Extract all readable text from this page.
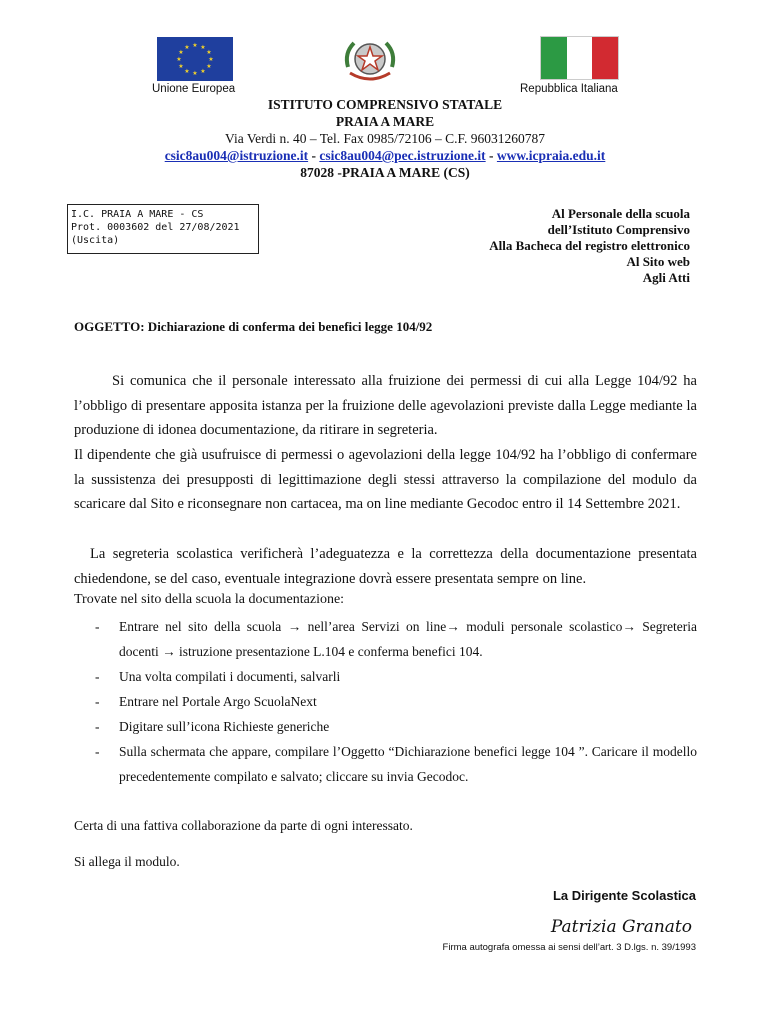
★ ★
★
★
★
★
★
★
★
★
★
★
Unione Europea	Repubblica Italiana
ISTITUTO COMPRENSIVO STATALE
PRAIA A MARE
Via Verdi n. 40 – Tel. Fax 0985/72106 – C.F. 96031260787
csic8au004@istruzione.it - csic8au004@pec.istruzione.it - www.icpraia.edu.it
87028 -PRAIA A MARE (CS)
I.C. PRAIA A MARE - CS
Prot. 0003602 del 27/08/2021
(Uscita)
Al Personale della scuola
dell’Istituto Comprensivo
Alla Bacheca del registro elettronico
Al Sito web
Agli Atti
OGGETTO: Dichiarazione di conferma dei benefici legge 104/92
Si comunica che il personale interessato alla fruizione dei permessi di cui alla Legge 104/92 ha l’obbligo di presentare apposita istanza per la fruizione delle agevolazioni previste dalla Legge mediante la produzione di idonea documentazione, da ritirare in segreteria.
Il dipendente che già usufruisce di permessi o agevolazioni della legge 104/92 ha l’obbligo di confermare la sussistenza dei presupposti di legittimazione degli stessi attraverso la compilazione del modulo da scaricare dal Sito e riconsegnare non cartacea, ma on line mediante Gecodoc entro il 14 Settembre 2021.
La segreteria scolastica verificherà l’adeguatezza e la correttezza della documentazione presentata chiedendone, se del caso, eventuale integrazione dovrà essere presentata sempre on line.
Trovate nel sito della scuola la documentazione:
-	Entrare nel sito della scuola → nell’area Servizi on line→ moduli personale scolastico→ Segreteria docenti → istruzione presentazione L.104 e conferma benefici 104.
-	Una volta compilati i documenti, salvarli
-	Entrare nel Portale Argo ScuolaNext
-	Digitare sull’icona Richieste generiche
-	Sulla schermata che appare, compilare l’Oggetto “Dichiarazione benefici legge 104 ”. Caricare il modello precedentemente compilato e salvato; cliccare su invia Gecodoc.
Certa di una fattiva collaborazione da parte di ogni interessato.
Si allega il modulo.
La Dirigente Scolastica
Patrizia Granato
Firma autografa omessa ai sensi dell’art. 3 D.lgs. n. 39/1993
